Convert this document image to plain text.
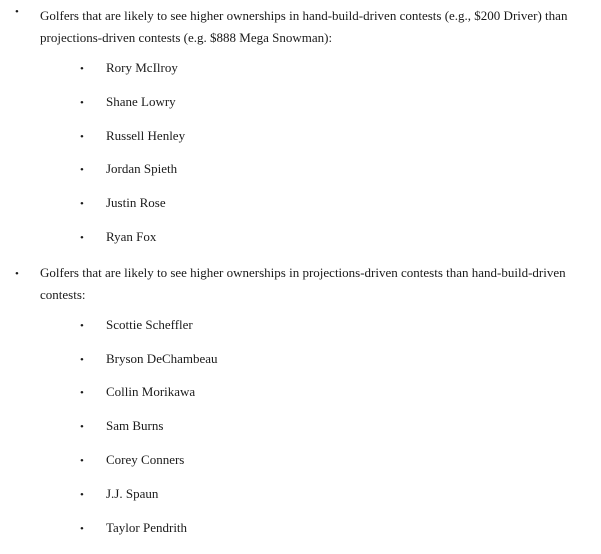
• Golfers that are likely to see higher ownerships in hand-build-driven contests (e.g., $200 Driver) than projections-driven contests (e.g. $888 Mega Snowman):

• Rory McIlroy
• Shane Lowry
• Russell Henley
• Jordan Spieth
• Justin Rose
• Ryan Fox
• Golfers that are likely to see higher ownerships in projections-driven contests than hand-build-driven contests:

• Scottie Scheffler
• Bryson DeChambeau
• Collin Morikawa
• Sam Burns
• Corey Conners
• J.J. Spaun
• Taylor Pendrith
